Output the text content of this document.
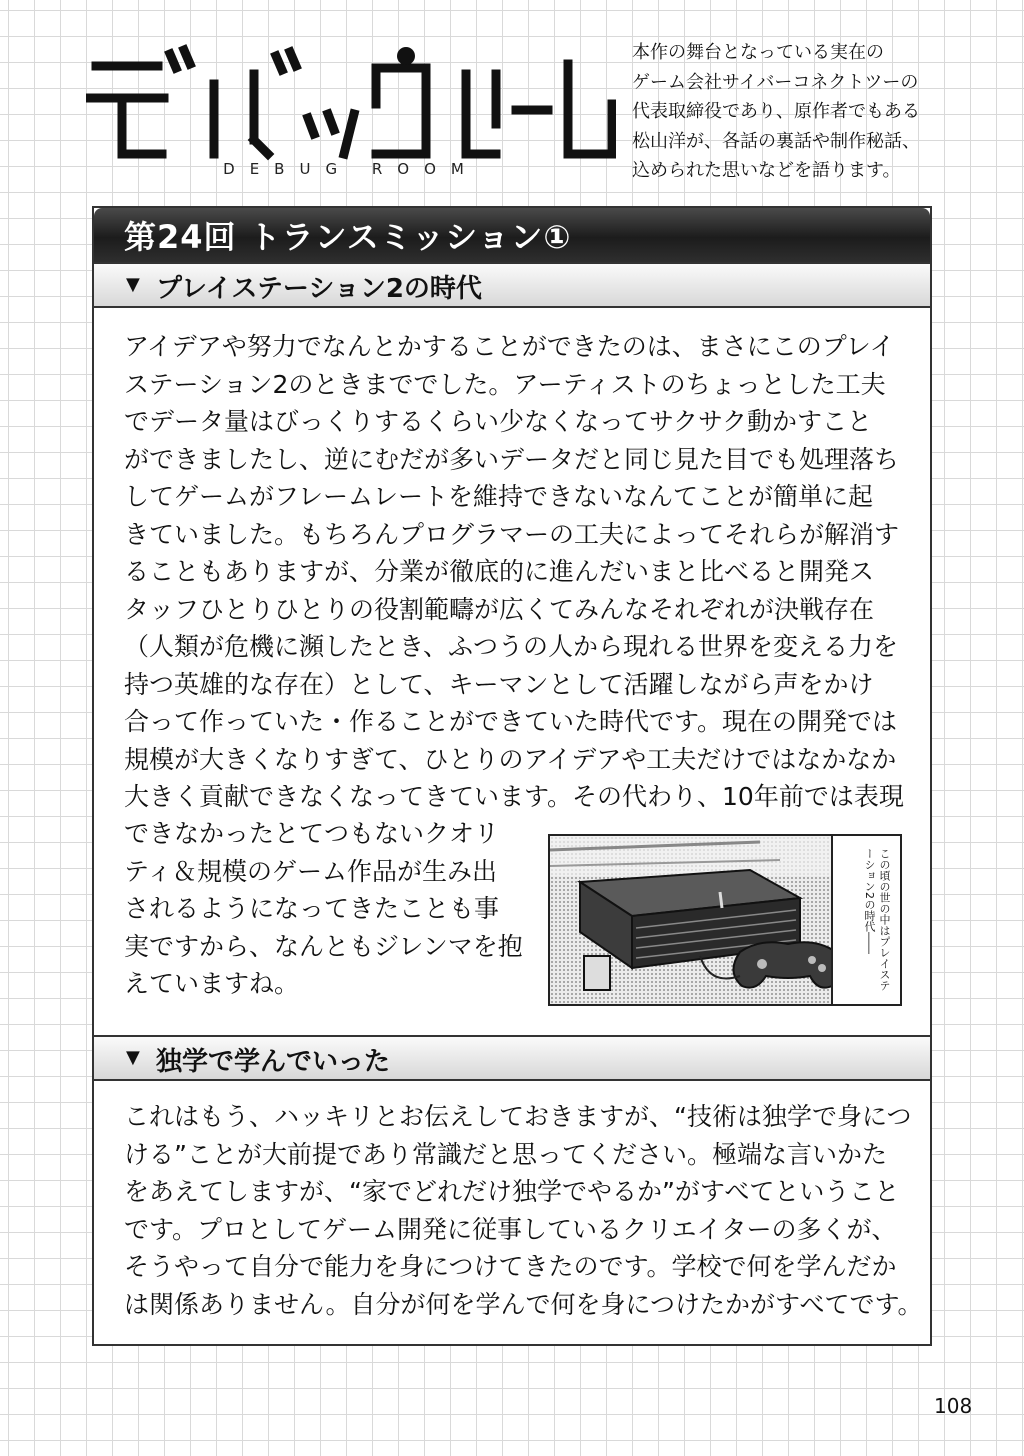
DEBUG ROOM
本作の舞台となっている実在の
ゲーム会社サイバーコネクトツーの
代表取締役であり、原作者でもある
松山洋が、各話の裏話や制作秘話、
込められた思いなどを語ります。
第24回 トランスミッション①
▼ プレイステーション2の時代
アイデアや努力でなんとかすることができたのは、まさにこのプレイ
ステーション2のときまででした。アーティストのちょっとした工夫
でデータ量はびっくりするくらい少なくなってサクサク動かすこと
ができましたし、逆にむだが多いデータだと同じ見た目でも処理落ち
してゲームがフレームレートを維持できないなんてことが簡単に起
きていました。もちろんプログラマーの工夫によってそれらが解消す
ることもありますが、分業が徹底的に進んだいまと比べると開発ス
タッフひとりひとりの役割範疇が広くてみんなそれぞれが決戦存在
（人類が危機に瀕したとき、ふつうの人から現れる世界を変える力を
持つ英雄的な存在）として、キーマンとして活躍しながら声をかけ
合って作っていた・作ることができていた時代です。現在の開発では
規模が大きくなりすぎて、ひとりのアイデアや工夫だけではなかなか
大きく貢献できなくなってきています。その代わり、10年前では表現
できなかったとてつもないクオリ
ティ＆規模のゲーム作品が生み出
されるようになってきたことも事
実ですから、なんともジレンマを抱
えていますね。	この頃の世の中はプレイステーション2の時代――
▼ 独学で学んでいった
これはもう、ハッキリとお伝えしておきますが、“技術は独学で身につ
ける”ことが大前提であり常識だと思ってください。極端な言いかた
をあえてしますが、“家でどれだけ独学でやるか”がすべてということ
です。プロとしてゲーム開発に従事しているクリエイターの多くが、
そうやって自分で能力を身につけてきたのです。学校で何を学んだか
は関係ありません。自分が何を学んで何を身につけたかがすべてです。
108
